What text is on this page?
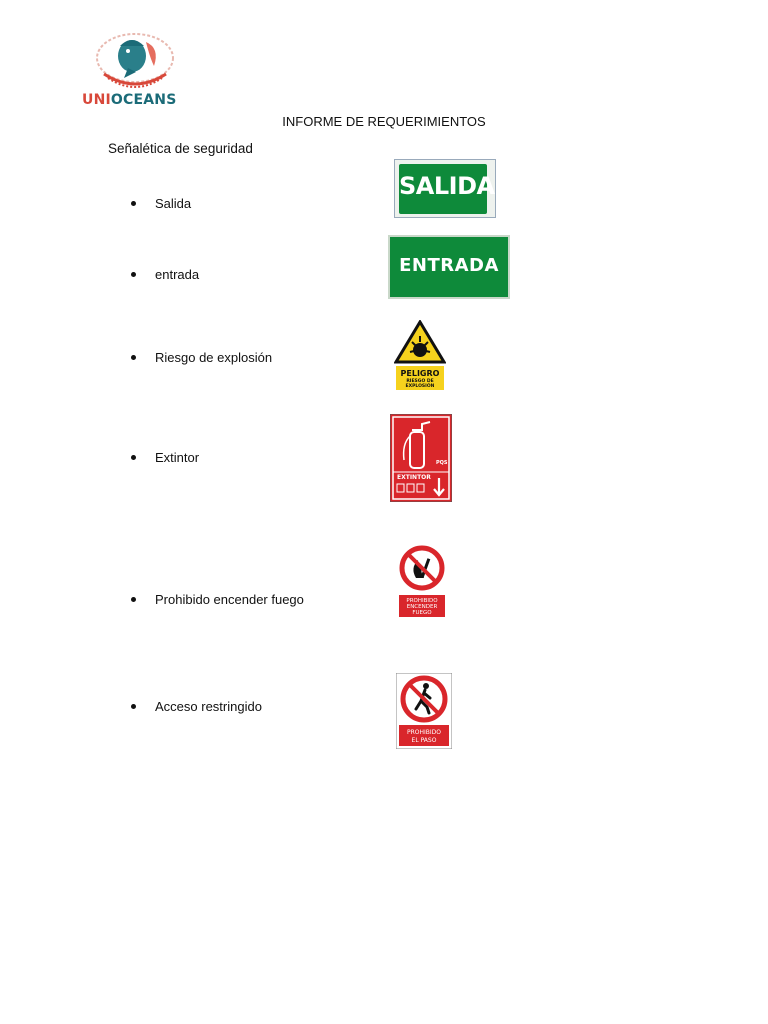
UNIOCEANS
INFORME DE REQUERIMIENTOS
Señalética de seguridad
Salida
entrada
Riesgo de explosión
Extintor
Prohibido encender fuego
Acceso restringido
SALIDA
ENTRADA
PELIGRO
RIESGO DE
EXPLOSIÓN
PQS
EXTINTOR
PROHIBIDO
ENCENDER
FUEGO
PROHIBIDO
EL PASO
